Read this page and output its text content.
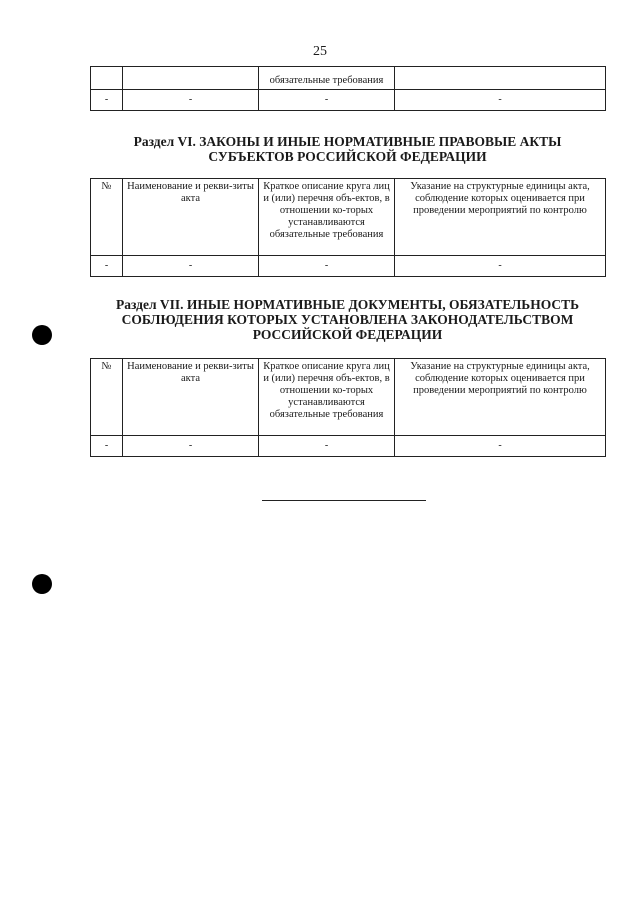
25
		обязательные требования	
-	-	-	-
Раздел VI. ЗАКОНЫ И ИНЫЕ НОРМАТИВНЫЕ ПРАВОВЫЕ АКТЫ
СУБЪЕКТОВ РОССИЙСКОЙ ФЕДЕРАЦИИ
№	Наименование и рекви-зиты акта	Краткое описание круга лиц и (или) перечня объ-ектов, в отношении ко-торых устанавливаются обязательные требования	Указание на структурные единицы акта, соблюдение которых оценивается при проведении мероприятий по контролю
-	-	-	-
Раздел VII. ИНЫЕ НОРМАТИВНЫЕ ДОКУМЕНТЫ, ОБЯЗАТЕЛЬНОСТЬ
СОБЛЮДЕНИЯ КОТОРЫХ УСТАНОВЛЕНА ЗАКОНОДАТЕЛЬСТВОМ
РОССИЙСКОЙ ФЕДЕРАЦИИ
№	Наименование и рекви-зиты акта	Краткое описание круга лиц и (или) перечня объ-ектов, в отношении ко-торых устанавливаются обязательные требования	Указание на структурные единицы акта, соблюдение которых оценивается при проведении мероприятий по контролю
-	-	-	-
